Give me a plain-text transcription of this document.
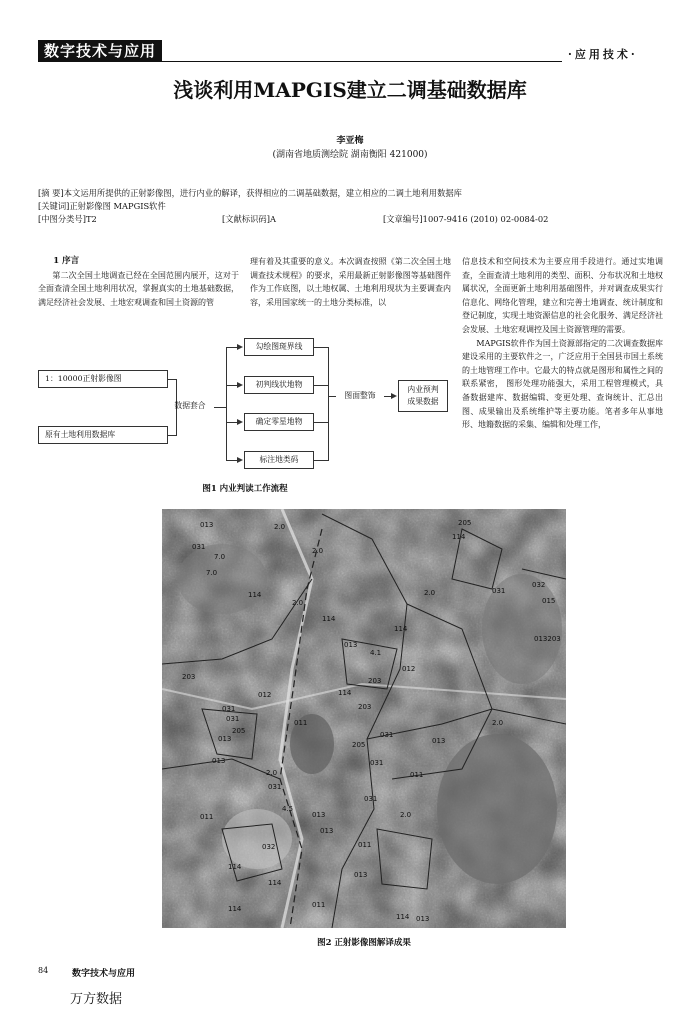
数字技术与应用	·应用技术·
浅谈利用MAPGIS建立二调基础数据库
李亚梅
(湖南省地质测绘院 湖南衡阳 421000)
[摘 要]本文运用所提供的正射影像图，进行内业的解译，获得相应的二调基础数据，建立相应的二调土地利用数据库
[关键词]正射影像图 MAPGIS软件
[中图分类号]T2	[文献标识码]A	[文章编号]1007-9416 (2010) 02-0084-02
1 序言

第二次全国土地调查已经在全国范围内展开，这对于全面查清全国土地利用状况，掌握真实的土地基础数据，满足经济社会发展、土地宏观调查和国土资源的管

理有着及其重要的意义。本次调查按照《第二次全国土地调查技术规程》的要求，采用最新正射影像图等基础图件作为工作底图，以土地权属、土地利用现状为主要调查内容，采用国家统一的土地分类标准，以

信息技术和空间技术为主要应用手段进行。通过实地调查，全面查清土地利用的类型、面积、分布状况和土地权属状况，全面更新土地利用基础图件，并对调查成果实行信息化、网络化管理，建立和完善土地调查、统计制度和登记制度，实现土地资源信息的社会化服务、满足经济社会发展、土地宏观调控及国土资源管理的需要。

MAPGIS软件作为国土资源部指定的二次调查数据库建设采用的主要软件之一，广泛应用于全国县市国土系统的土地管理工作中。它最大的特点就是图形和属性之间的联系紧密， 图形处理功能强大，采用工程管理模式，具备数据建库、数据编辑、变更处理、查询统计、汇总出图、成果输出及系统维护等主要功能。笔者多年从事地形、地籍数据的采集、编辑和处理工作，

1：10000正射影像图
原有土地利用数据库
数据套合
勾绘图斑界线
初判线状地物
确定零星地物
标注地类码
图面整饰
内业预判
成果数据
图1 内业判读工作流程
013	2.0	205
114
2.0
031
7.0
7.0
114
032
015
013203
031
114
2.0
114
203
013
4.1
012
203
012	114
031
031
203
205
011
013	031
013
205
013
011
2.0
4.5
031
031
011	013
013
032	011
114
114
013
011
114
114 013
031
2.0
2.0
2.0
图2 正射影像图解译成果
84	数字技术与应用
万方数据
